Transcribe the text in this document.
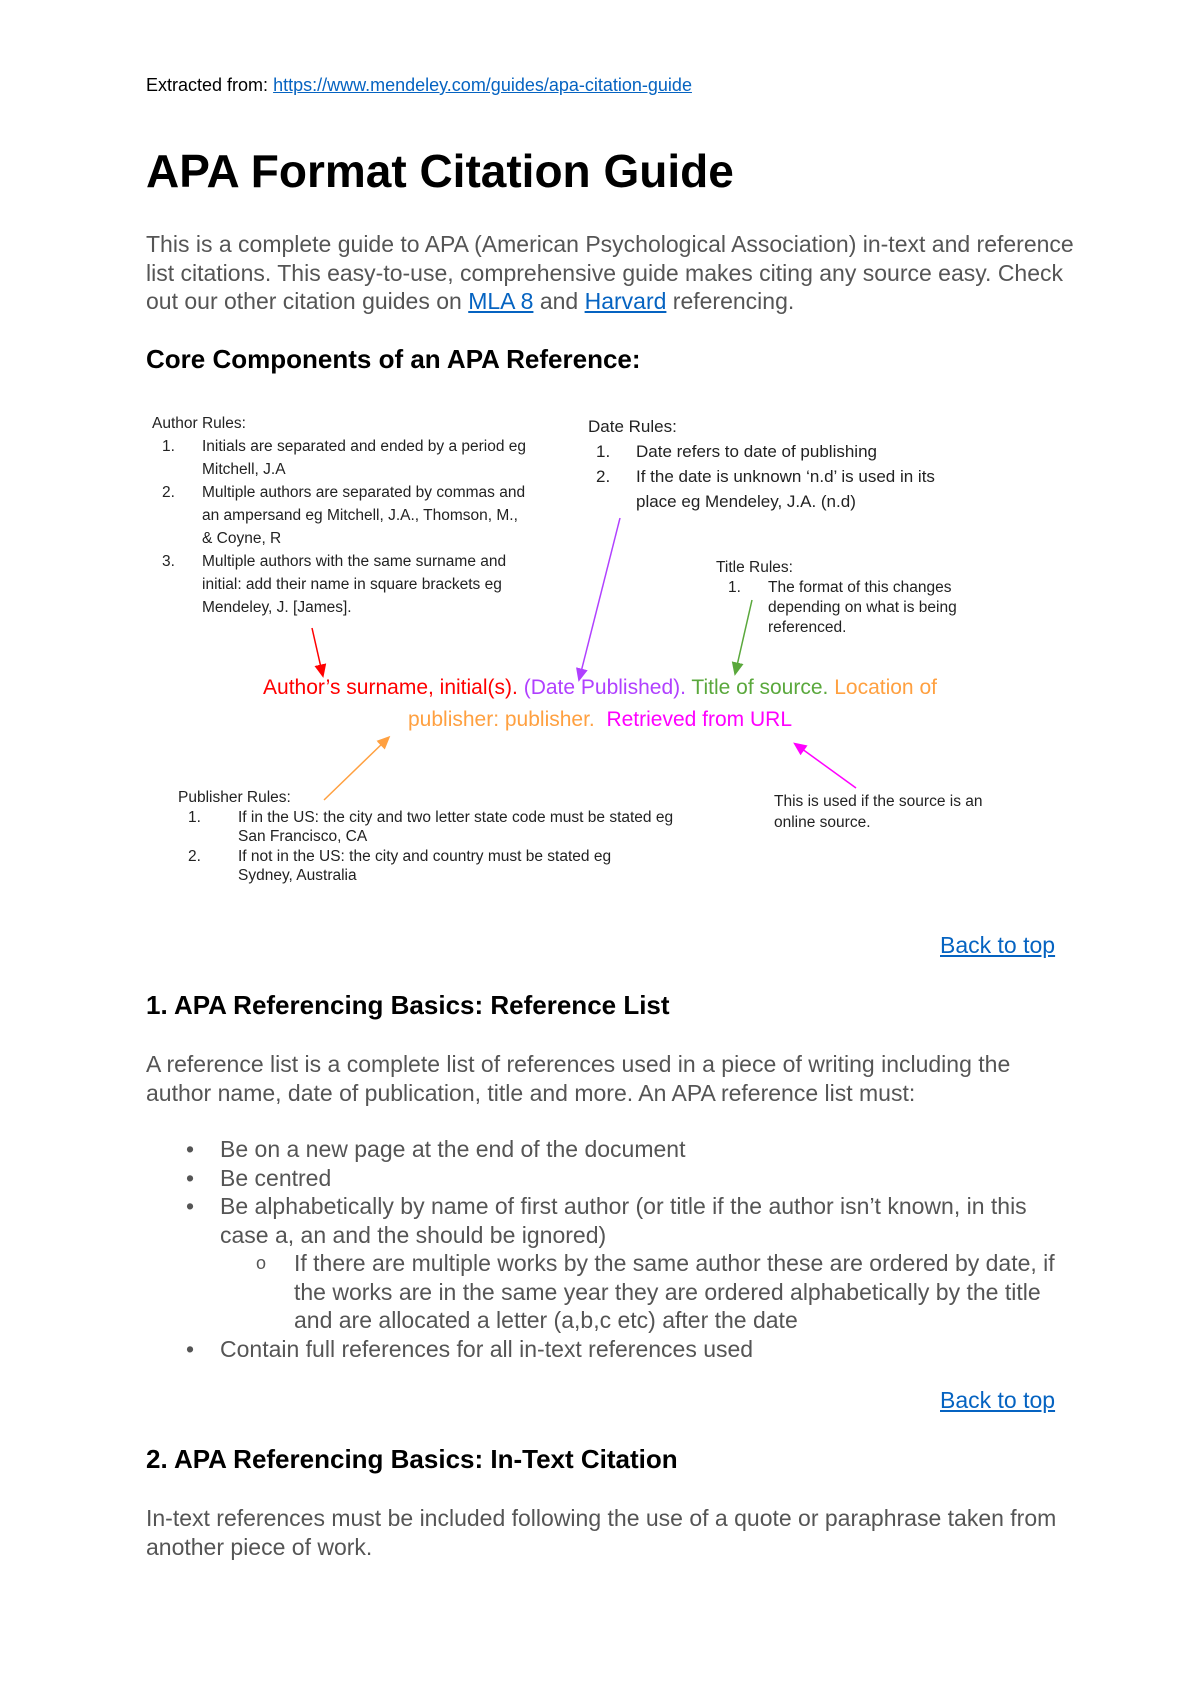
Extracted from: https://www.mendeley.com/guides/apa-citation-guide
APA Format Citation Guide
This is a complete guide to APA (American Psychological Association) in-text and reference list citations. This easy-to-use, comprehensive guide makes citing any source easy. Check out our other citation guides on MLA 8 and Harvard referencing.
Core Components of an APA Reference:
Author Rules:
1.	Initials are separated and ended by a period eg Mitchell, J.A
2.	Multiple authors are separated by commas and an ampersand eg Mitchell, J.A., Thomson, M., & Coyne, R
3.	Multiple authors with the same surname and initial: add their name in square brackets eg Mendeley, J. [James].
Date Rules:
1.	Date refers to date of publishing
2.	If the date is unknown ‘n.d’ is used in its place eg Mendeley, J.A. (n.d)
Title Rules:
1.	The format of this changes depending on what is being referenced.
Author’s surname, initial(s). (Date Published). Title of source. Location of publisher: publisher. Retrieved from URL
Publisher Rules:
1.	If in the US: the city and two letter state code must be stated eg San Francisco, CA
2.	If not in the US: the city and country must be stated eg Sydney, Australia
This is used if the source is an online source.
Back to top
1. APA Referencing Basics: Reference List
A reference list is a complete list of references used in a piece of writing including the author name, date of publication, title and more. An APA reference list must:
• Be on a new page at the end of the document
• Be centred
• Be alphabetically by name of first author (or title if the author isn’t known, in this case a, an and the should be ignored)
o If there are multiple works by the same author these are ordered by date, if the works are in the same year they are ordered alphabetically by the title and are allocated a letter (a,b,c etc) after the date
• Contain full references for all in-text references used
Back to top
2. APA Referencing Basics: In-Text Citation
In-text references must be included following the use of a quote or paraphrase taken from another piece of work.
